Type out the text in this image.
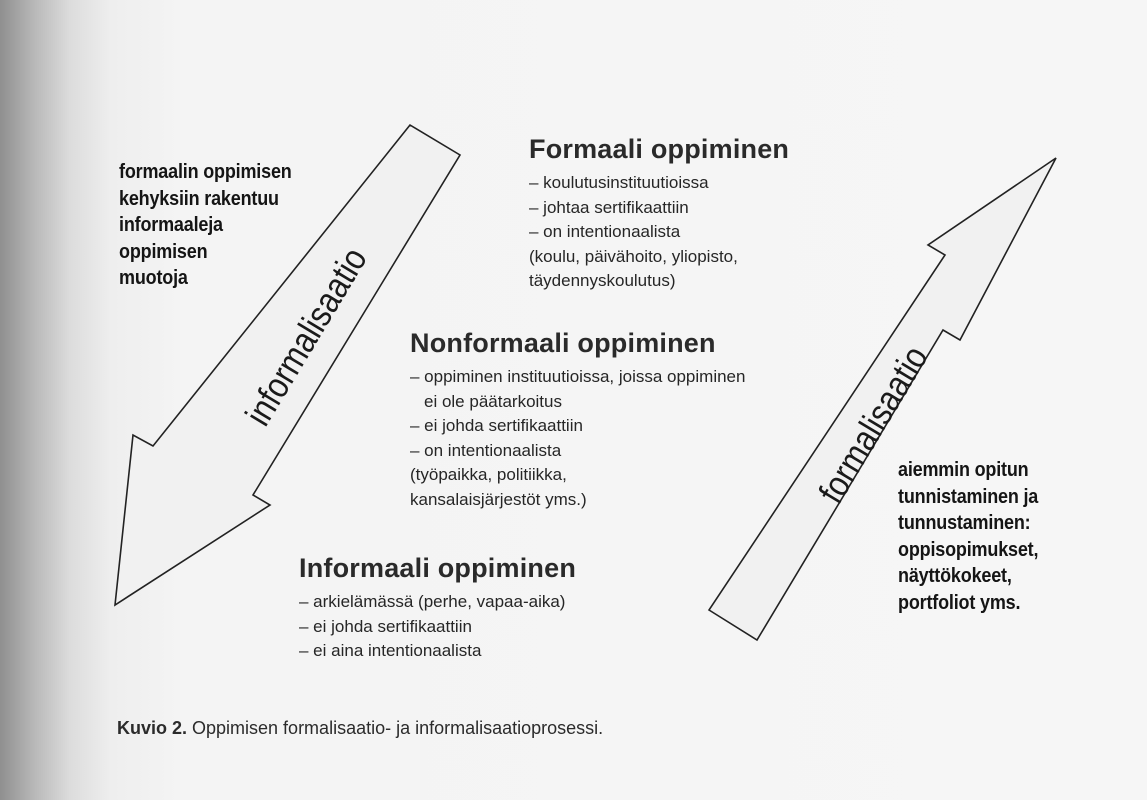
informalisaatio	formalisaatio
formaalin oppimisen
kehyksiin rakentuu
informaaleja
oppimisen
muotoja
aiemmin opitun
tunnistaminen ja
tunnustaminen:
oppisopimukset,
näyttökokeet,
portfoliot yms.
Formaali oppiminen
– koulutusinstituutioissa
– johtaa sertifikaattiin
– on intentionaalista
(koulu, päivähoito, yliopisto,
täydennyskoulutus)
Nonformaali oppiminen
– oppiminen instituutioissa, joissa oppiminen
ei ole päätarkoitus
– ei johda sertifikaattiin
– on intentionaalista
(työpaikka, politiikka,
kansalaisjärjestöt yms.)
Informaali oppiminen
– arkielämässä (perhe, vapaa-aika)
– ei johda sertifikaattiin
– ei aina intentionaalista
Kuvio 2. Oppimisen formalisaatio- ja informalisaatioprosessi.
